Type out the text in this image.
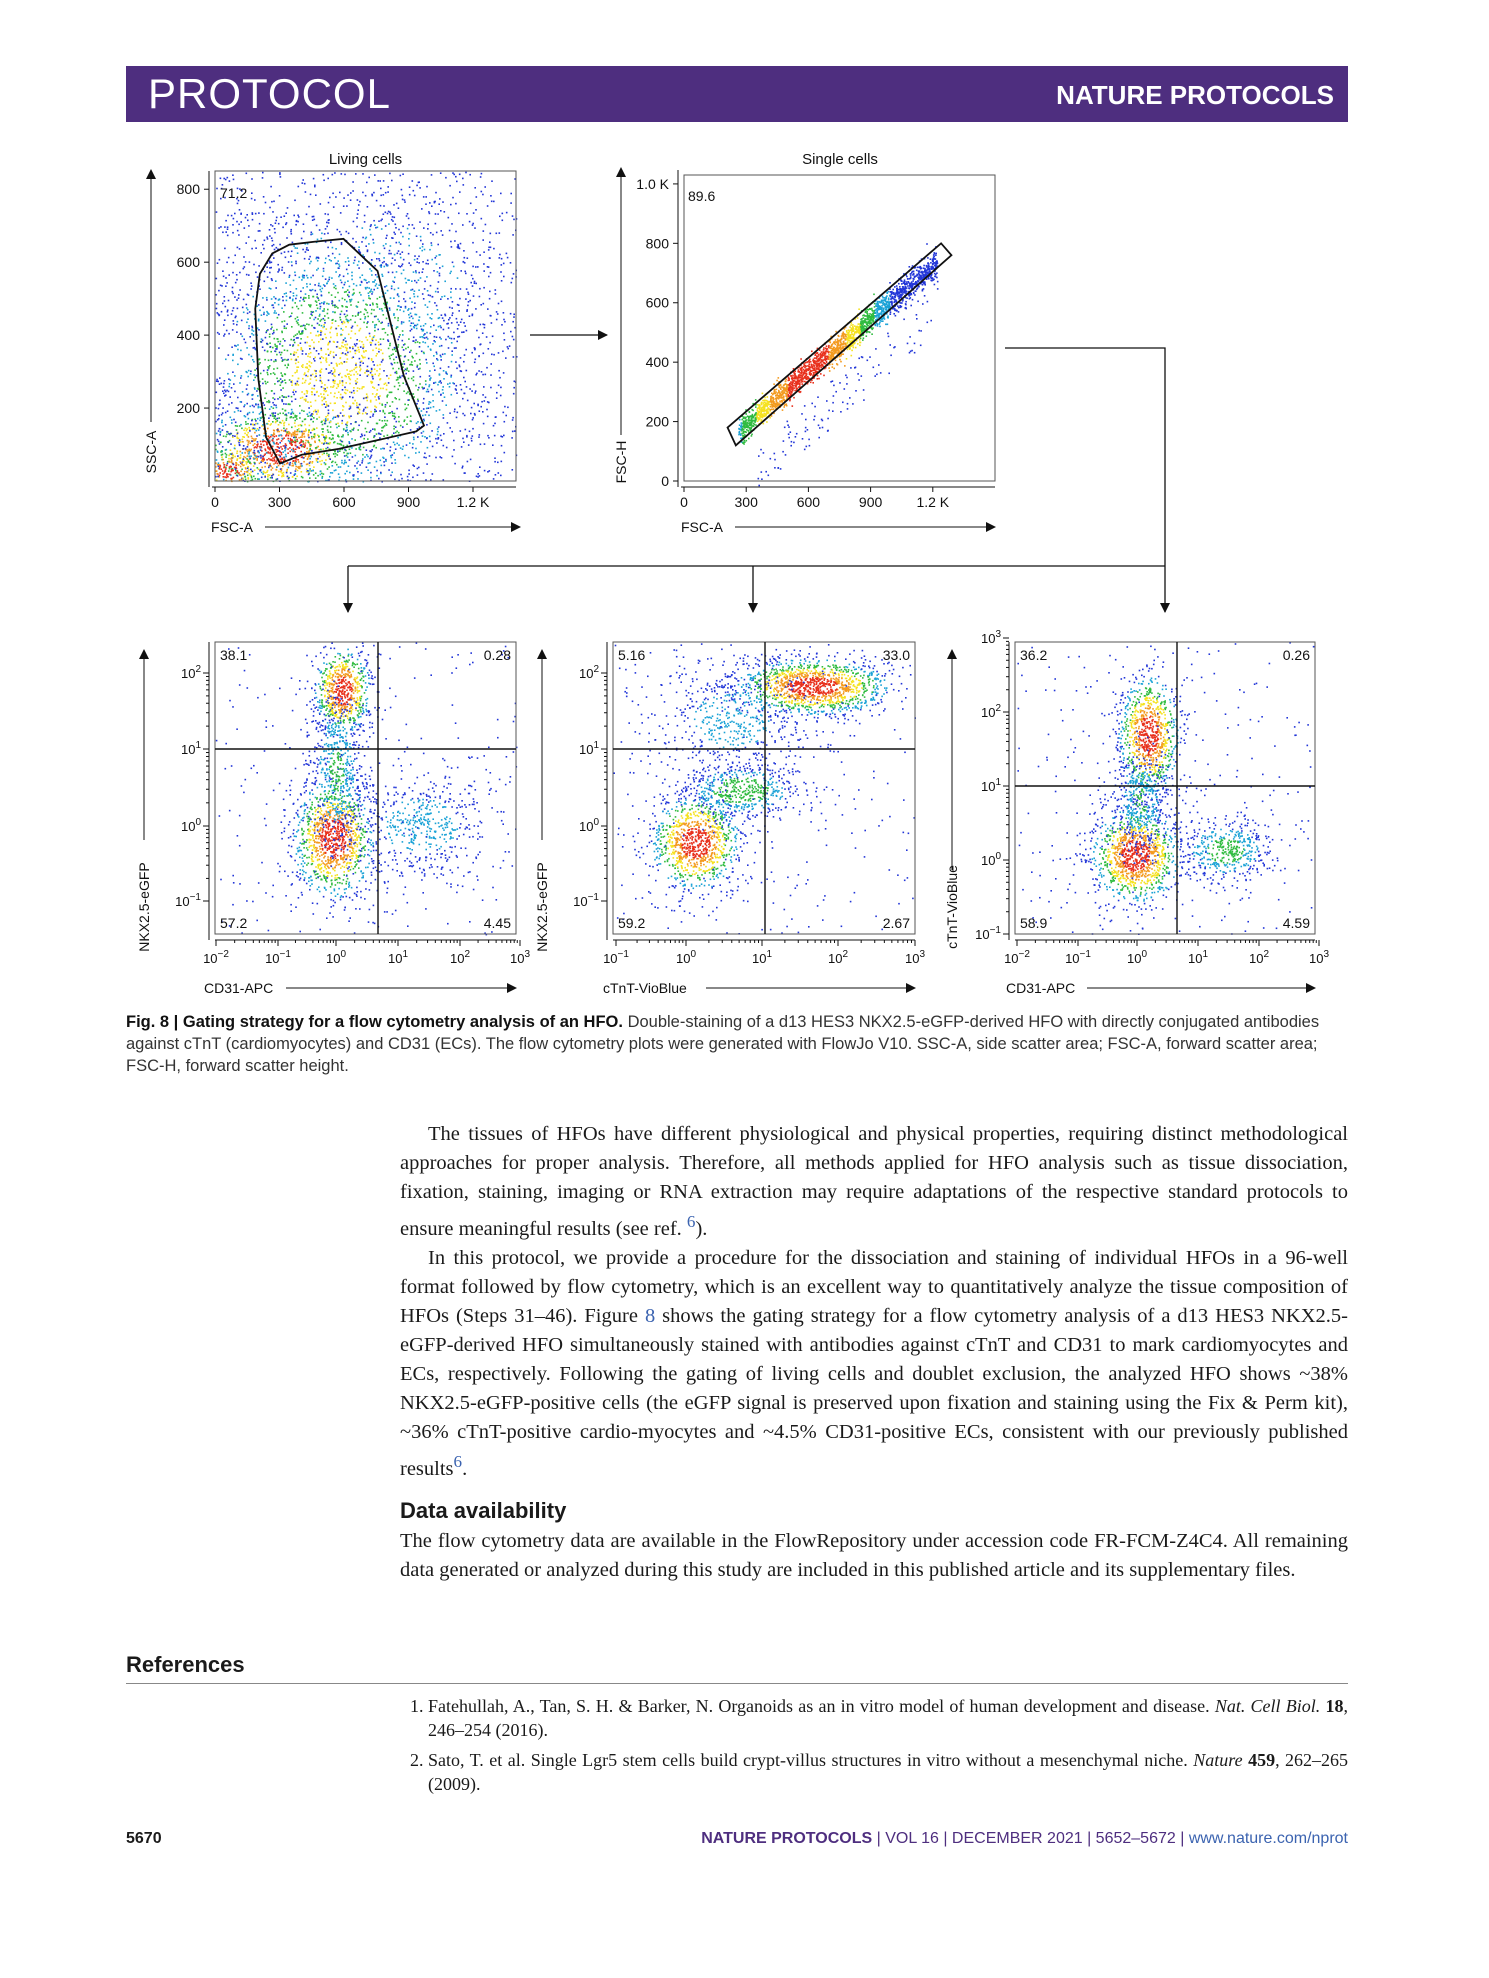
PROTOCOL	NATURE PROTOCOLS
Living cells
71.2
0	300	600	900	1.2 K
200
400
600
800
FSC-A
SSC-A
Single cells
89.6
0	300	600	900 1.2 K
0
200
400
600
800
1.0 K
FSC-A
FSC-H
38.1	0.28
57.2	4.45
$10^{-2}$	$10^{-1}$	$10^0$	$10^1$	$10^2$	$10^3$
$10^{-1}$
$10^0$
$10^1$
$10^2$
CD31-APC
NKX2.5-eGFP
5.16	33.0
59.2	2.67
$10^{-1}$	$10^0$	$10^1$	$10^2$	$10^3$
$10^{-1}$
$10^0$
$10^1$
$10^2$
cTnT-VioBlue
NKX2.5-eGFP
36.2	0.26
58.9	4.59
$10^{-2}$	$10^{-1}$	$10^0$	$10^1$	$10^2$	$10^3$
$10^{-1}$
$10^0$
$10^1$
$10^2$
$10^3$
CD31-APC
cTnT-VioBlue
Fig. 8 | Gating strategy for a flow cytometry analysis of an HFO. Double-staining of a d13 HES3 NKX2.5-eGFP-derived HFO with directly conjugated antibodies against cTnT (cardiomyocytes) and CD31 (ECs). The flow cytometry plots were generated with FlowJo V10. SSC-A, side scatter area; FSC-A, forward scatter area; FSC-H, forward scatter height.

The tissues of HFOs have different physiological and physical properties, requiring distinct methodological approaches for proper analysis. Therefore, all methods applied for HFO analysis such as tissue dissociation, fixation, staining, imaging or RNA extraction may require adaptations of the respective standard protocols to ensure meaningful results (see ref. $^6$).

In this protocol, we provide a procedure for the dissociation and staining of individual HFOs in a 96-well format followed by flow cytometry, which is an excellent way to quantitatively analyze the tissue composition of HFOs (Steps 31–46). Figure 8 shows the gating strategy for a flow cytometry analysis of a d13 HES3 NKX2.5-eGFP-derived HFO simultaneously stained with antibodies against cTnT and CD31 to mark cardiomyocytes and ECs, respectively. Following the gating of living cells and doublet exclusion, the analyzed HFO shows ~38% NKX2.5-eGFP-positive cells (the eGFP signal is preserved upon fixation and staining using the Fix & Perm kit), ~36% cTnT-positive cardio-myocytes and ~4.5% CD31-positive ECs, consistent with our previously published results$^6$.

Data availability
The flow cytometry data are available in the FlowRepository under accession code FR-FCM-Z4C4. All remaining data generated or analyzed during this study are included in this published article and its supplementary files.
References
1. Fatehullah, A., Tan, S. H. & Barker, N. Organoids as an in vitro model of human development and disease. Nat. Cell Biol. 18, 246–254 (2016).
2. Sato, T. et al. Single Lgr5 stem cells build crypt-villus structures in vitro without a mesenchymal niche. Nature 459, 262–265 (2009).
5670	NATURE PROTOCOLS | VOL 16 | DECEMBER 2021 | 5652–5672 | www.nature.com/nprot
